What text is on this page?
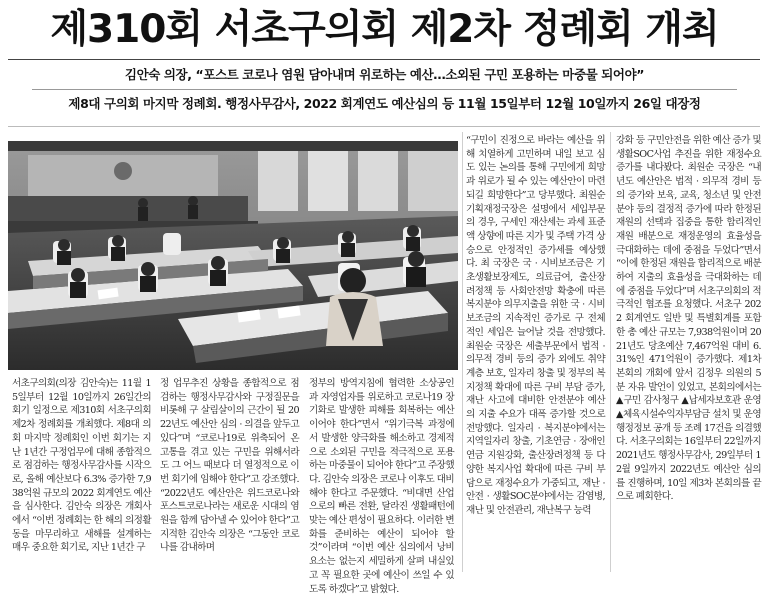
제310회 서초구의회 제2차 정례회 개최
김안숙 의장, “포스트 코로나 염원 담아내며 위로하는 예산…소외된 구민 포용하는 마중물 되어야”
제8대 구의회 마지막 정례회. 행정사무감사, 2022 회계연도 예산심의 등 11월 15일부터 12월 10일까지 26일 대장정

서초구의회(의장 김안숙)는 11월 15일부터 12월 10일까지 26일간의 회기 일정으로 제310회 서초구의회 제2차 정례회를 개최했다. 제8대 의회 마지막 정례회인 이번 회기는 지난 1년간 구정업무에 대해 종합적으로 점검하는 행정사무감사를 시작으로, 올해 예산보다 6.3% 증가한 7,938억원 규모의 2022 회계연도 예산을 심사한다. 김안숙 의장은 개회사에서 “이번 정례회는 한 해의 의정활동을 마무리하고 새해를 설계하는 매우 중요한 회기로, 지난 1년간 구

정 업무추진 상황을 종합적으로 점검하는 행정사무감사와 구정질문을 비롯해 구 살림살이의 근간이 될 2022년도 예산안 심의 · 의결을 앞두고 있다”며 “코로나19로 위축되어 온 고통을 겪고 있는 구민을 위해서라도 그 어느 때보다 더 열정적으로 이번 회기에 임해야 한다”고 강조했다. “2022년도 예산안은 위드코로나와 포스트코로나라는 새로운 시대의 염원을 함께 담아낼 수 있어야 한다”고 지적한 김안숙 의장은 “그동안 코로나를 감내하며

정부의 방역지침에 협력한 소상공인과 자영업자를 위로하고 코로나19 장기화로 발생한 피해를 회복하는 예산이어야 한다”면서 “위기극복 과정에서 발생한 양극화를 해소하고 경제적으로 소외된 구민을 적극적으로 포용하는 마중물이 되어야 한다”고 주장했다. 김안숙 의장은 코로나 이후도 대비해야 한다고 주문했다. “비대면 산업으로의 빠른 전환, 달라진 생활패턴에 맞는 예산 편성이 필요하다. 이러한 변화를 준비하는 예산이 되어야 할 것”이라며 “이번 예산 심의에서 낭비요소는 없는지 세밀하게 살펴 내실있고 꼭 필요한 곳에 예산이 쓰일 수 있도록 하겠다”고 밝혔다.

“구민이 진정으로 바라는 예산을 위해 치열하게 고민하며 내일 보고 심도 있는 논의를 통해 구민에게 희망과 위로가 될 수 있는 예산안이 마련되길 희망한다”고 당부했다. 최원순 기획재정국장은 설명에서 세입부문의 경우, 구세인 재산세는 과세 표준액 상향에 따른 지가 및 주택 가격 상승으로 안정적인 증가세를 예상했다. 최 국장은 국 · 시비보조금은 기초생활보장제도, 의료급여, 출산장려정책 등 사회안전망 확충에 따른 복지분야 의무지출을 위한 국 · 시비보조금의 지속적인 증가로 구 전체적인 세입은 늘어날 것을 전망했다. 최원순 국장은 세출부문에서 법적 · 의무적 경비 등의 증가 외에도 취약계층 보호, 일자리 창출 및 정부의 복지정책 확대에 따른 구비 부담 증가, 재난 사고에 대비한 안전분야 예산의 지출 수요가 대폭 증가할 것으로 전망했다. 일자리 · 복지분야에서는 지역일자리 창출, 기초연금 · 장애인연금 지원강화, 출산장려정책 등 다양한 복지사업 확대에 따른 구비 부담으로 재정수요가 가중되고, 재난 · 안전 · 생활SOC분야에서는 감염병, 재난 및 안전관리, 재난복구 능력

강화 등 구민안전을 위한 예산 증가 및 생활SOC사업 추진을 위한 재정수요 증가를 내다봤다. 최원순 국장은 “내년도 예산안은 법적 · 의무적 경비 등의 증가와 보육, 교육, 청소년 및 안전분야 등의 결정적 증가에 따라 한정된 재원의 선택과 집중을 통한 합리적인 재원 배분으로 재정운영의 효율성을 극대화하는 데에 중점을 두었다”면서 “이에 한정된 재원을 합리적으로 배분하여 지출의 효율성을 극대화하는 데에 중점을 두었다”며 서초구의회의 적극적인 협조를 요청했다. 서초구 2022 회계연도 일반 및 특별회계를 포함한 총 예산 규모는 7,938억원이며 2021년도 당초예산 7,467억원 대비 6.31%인 471억원이 증가했다. 제1차 본회의 개회에 앞서 김정우 의원의 5분 자유 발언이 있었고, 본회의에서는 ▲구민 감사청구 ▲납세자보호관 운영 ▲체육시설수익자부담금 설치 및 운영 행정정보 공개 등 조례 17건을 의결했다. 서초구의회는 16일부터 22일까지 2021년도 행정사무감사, 29일부터 12월 9일까지 2022년도 예산안 심의를 진행하며, 10일 제3차 본회의를 끝으로 폐회한다.
